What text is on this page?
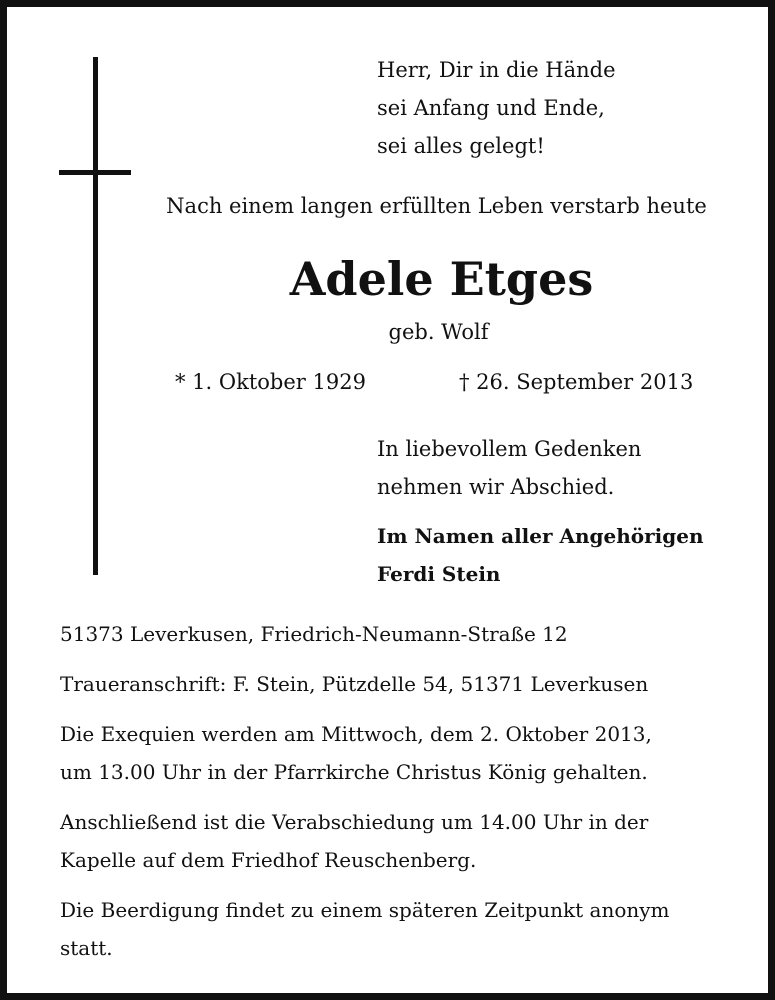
Herr, Dir in die Hände
sei Anfang und Ende,
sei alles gelegt!
Nach einem langen erfüllten Leben verstarb heute
Adele Etges
geb. Wolf
* 1. Oktober 1929	† 26. September 2013
In liebevollem Gedenken
nehmen wir Abschied.
Im Namen aller Angehörigen
Ferdi Stein

51373 Leverkusen, Friedrich-Neumann-Straße 12

Traueranschrift: F. Stein, Pützdelle 54, 51371 Leverkusen

Die Exequien werden am Mittwoch, dem 2. Oktober 2013,
um 13.00 Uhr in der Pfarrkirche Christus König gehalten.

Anschließend ist die Verabschiedung um 14.00 Uhr in der
Kapelle auf dem Friedhof Reuschenberg.

Die Beerdigung findet zu einem späteren Zeitpunkt anonym
statt.
